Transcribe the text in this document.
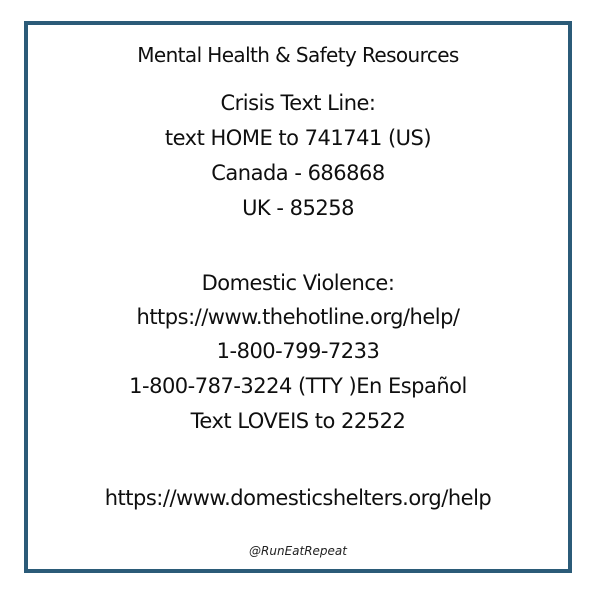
Mental Health & Safety Resources
Crisis Text Line:
text HOME to 741741 (US)
Canada - 686868
UK - 85258
Domestic Violence:
https://www.thehotline.org/help/
1-800-799-7233
1-800-787-3224 (TTY )En Español
Text LOVEIS to 22522
https://www.domesticshelters.org/help
@RunEatRepeat
